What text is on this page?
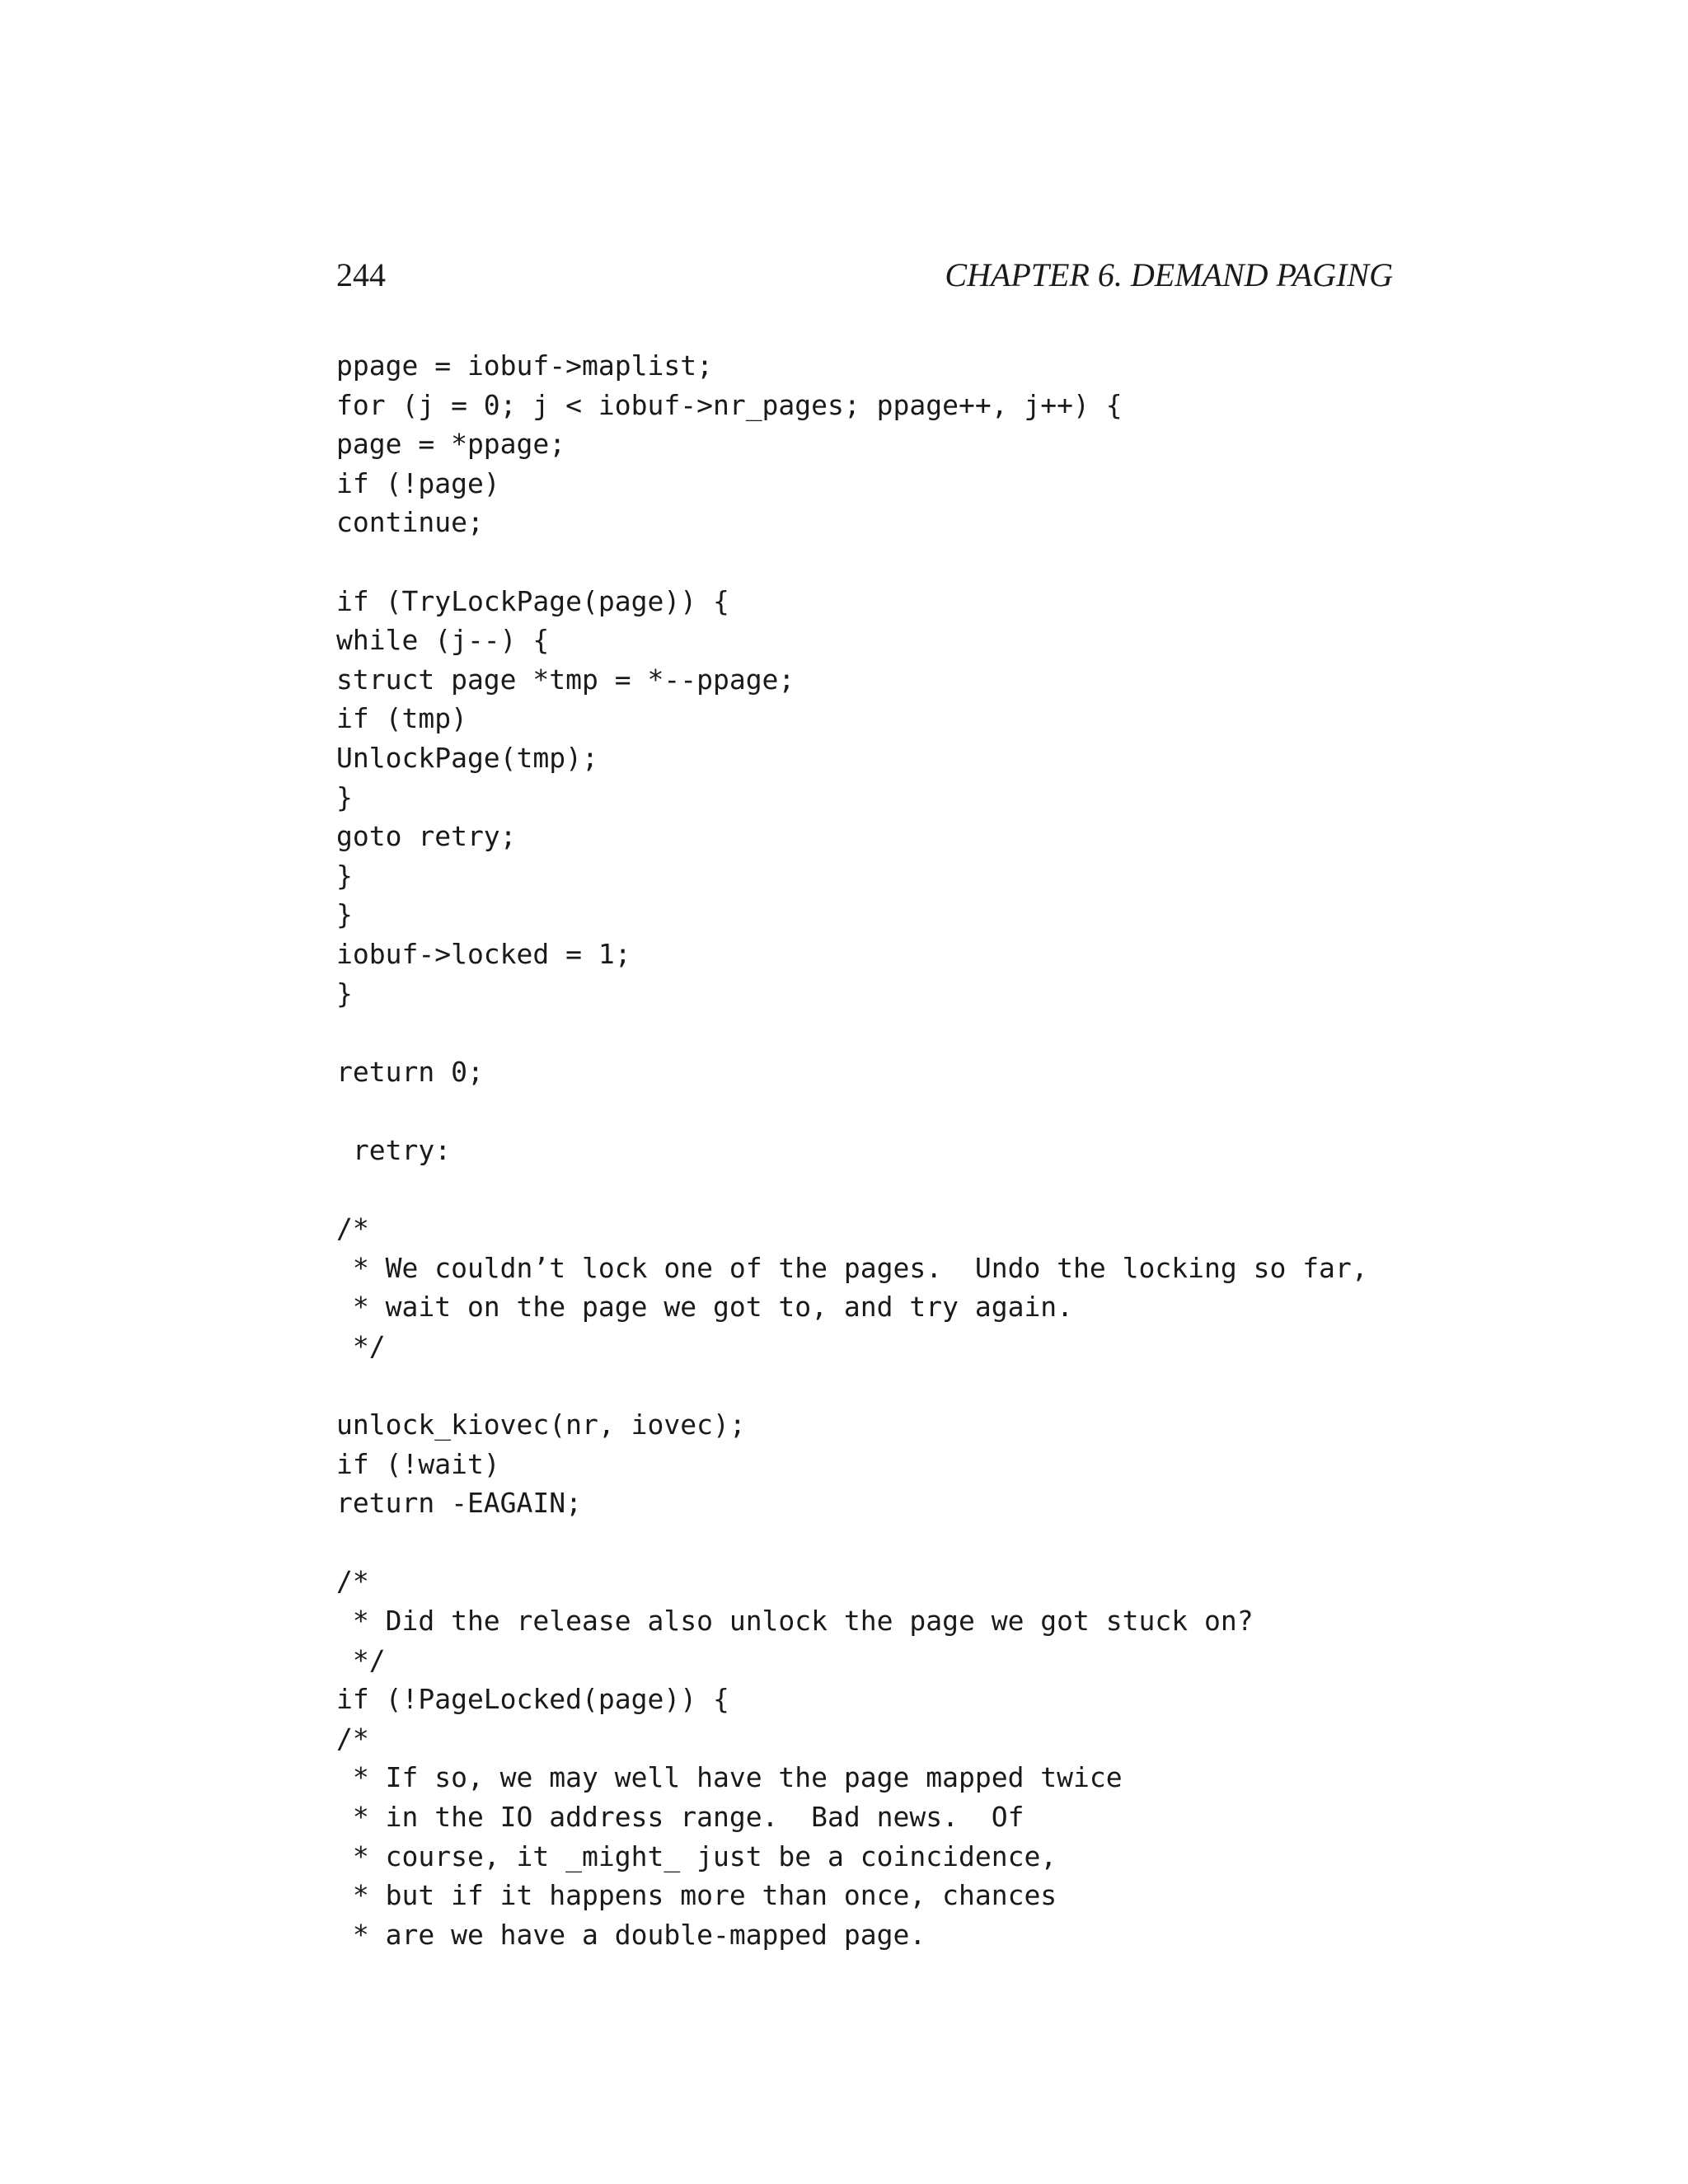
244	CHAPTER 6. DEMAND PAGING
ppage = iobuf->maplist;
for (j = 0; j < iobuf->nr_pages; ppage++, j++) {
page = *ppage;
if (!page)
continue;
if (TryLockPage(page)) {
while (j--) {
struct page *tmp = *--ppage;
if (tmp)
UnlockPage(tmp);
}
goto retry;
}
}
iobuf->locked = 1;
}
return 0;
retry:
/*
* We couldn’t lock one of the pages.  Undo the locking so far,
* wait on the page we got to, and try again.
*/
unlock_kiovec(nr, iovec);
if (!wait)
return -EAGAIN;
/*
* Did the release also unlock the page we got stuck on?
*/
if (!PageLocked(page)) {
/*
* If so, we may well have the page mapped twice
* in the IO address range.  Bad news.  Of
* course, it _might_ just be a coincidence,
* but if it happens more than once, chances
* are we have a double-mapped page.
